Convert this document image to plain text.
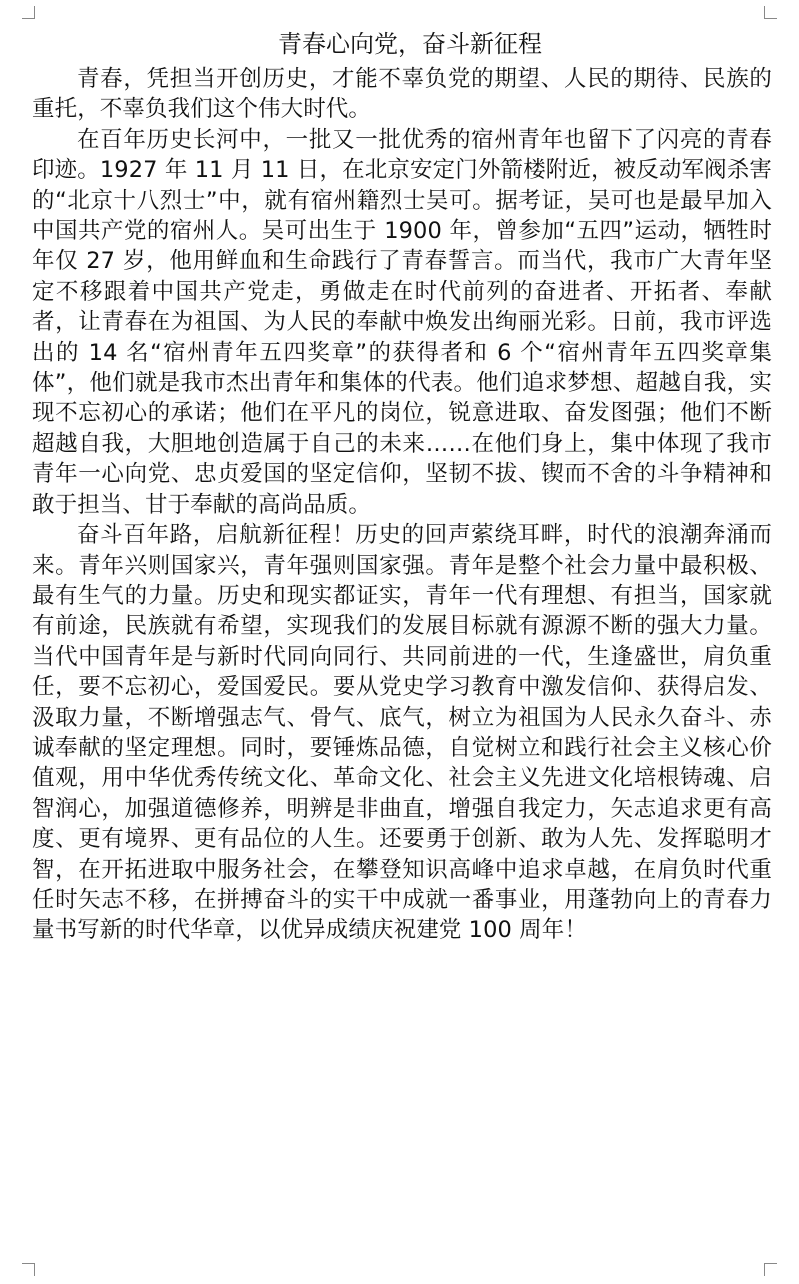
青春心向党，奋斗新征程

青春，凭担当开创历史，才能不辜负党的期望、人民的期待、民族的重托，不辜负我们这个伟大时代。

在百年历史长河中，一批又一批优秀的宿州青年也留下了闪亮的青春印迹。1927 年 11 月 11 日，在北京安定门外箭楼附近，被反动军阀杀害的“北京十八烈士”中，就有宿州籍烈士吴可。据考证，吴可也是最早加入中国共产党的宿州人。吴可出生于 1900 年，曾参加“五四”运动，牺牲时年仅 27 岁，他用鲜血和生命践行了青春誓言。而当代，我市广大青年坚定不移跟着中国共产党走，勇做走在时代前列的奋进者、开拓者、奉献者，让青春在为祖国、为人民的奉献中焕发出绚丽光彩。日前，我市评选出的 14 名“宿州青年五四奖章”的获得者和 6 个“宿州青年五四奖章集体”，他们就是我市杰出青年和集体的代表。他们追求梦想、超越自我，实现不忘初心的承诺；他们在平凡的岗位，锐意进取、奋发图强；他们不断超越自我，大胆地创造属于自己的未来……在他们身上，集中体现了我市青年一心向党、忠贞爱国的坚定信仰，坚韧不拔、锲而不舍的斗争精神和敢于担当、甘于奉献的高尚品质。

奋斗百年路，启航新征程！历史的回声萦绕耳畔，时代的浪潮奔涌而来。青年兴则国家兴，青年强则国家强。青年是整个社会力量中最积极、最有生气的力量。历史和现实都证实，青年一代有理想、有担当，国家就有前途，民族就有希望，实现我们的发展目标就有源源不断的强大力量。当代中国青年是与新时代同向同行、共同前进的一代，生逢盛世，肩负重任，要不忘初心，爱国爱民。要从党史学习教育中激发信仰、获得启发、汲取力量，不断增强志气、骨气、底气，树立为祖国为人民永久奋斗、赤诚奉献的坚定理想。同时，要锤炼品德，自觉树立和践行社会主义核心价值观，用中华优秀传统文化、革命文化、社会主义先进文化培根铸魂、启智润心，加强道德修养，明辨是非曲直，增强自我定力，矢志追求更有高度、更有境界、更有品位的人生。还要勇于创新、敢为人先、发挥聪明才智，在开拓进取中服务社会，在攀登知识高峰中追求卓越，在肩负时代重任时矢志不移，在拼搏奋斗的实干中成就一番事业，用蓬勃向上的青春力量书写新的时代华章，以优异成绩庆祝建党 100 周年！
